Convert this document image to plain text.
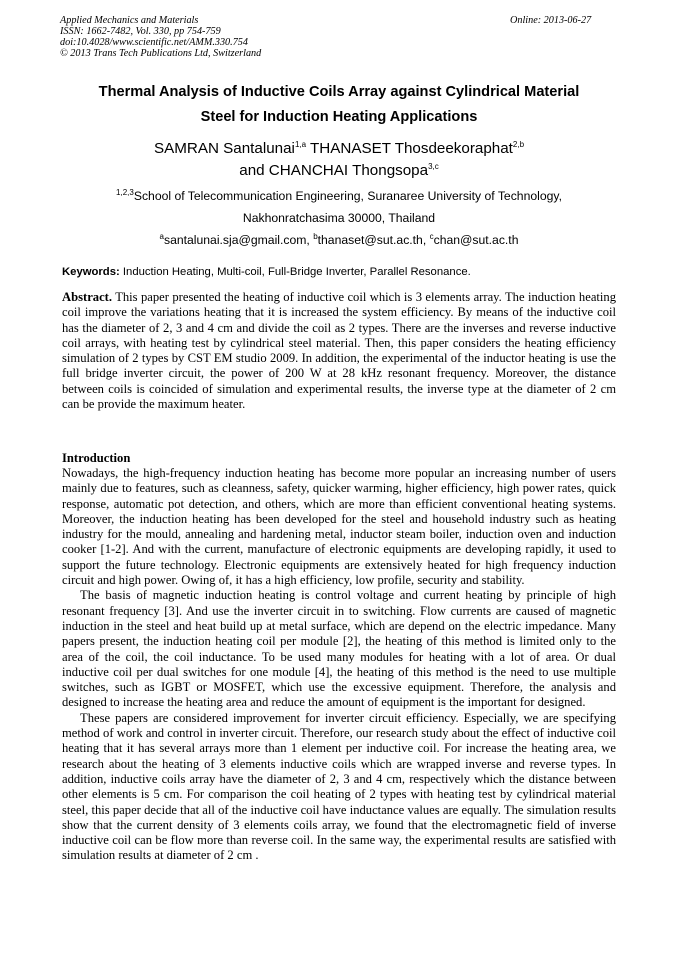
Applied Mechanics and Materials
ISSN: 1662-7482, Vol. 330, pp 754-759
doi:10.4028/www.scientific.net/AMM.330.754
© 2013 Trans Tech Publications Ltd, Switzerland
Online: 2013-06-27
Thermal Analysis of Inductive Coils Array against Cylindrical Material
Steel for Induction Heating Applications
SAMRAN Santalunai$^{1,a}$ THANASET Thosdeekoraphat$^{2,b}$
and CHANCHAI Thongsopa$^{3,c}$
$^{1,2,3}$School of Telecommunication Engineering, Suranaree University of Technology,
Nakhonratchasima 30000, Thailand
$^a$santalunai.sja@gmail.com, $^b$thanaset@sut.ac.th, $^c$chan@sut.ac.th
Keywords: Induction Heating, Multi-coil, Full-Bridge Inverter, Parallel Resonance.
Abstract. This paper presented the heating of inductive coil which is 3 elements array. The induction heating coil improve the variations heating that it is increased the system efficiency. By means of the inductive coil has the diameter of 2, 3 and 4 cm and divide the coil as 2 types. There are the inverses and reverse inductive coil arrays, with heating test by cylindrical steel material. Then, this paper considers the heating efficiency simulation of 2 types by CST EM studio 2009. In addition, the experimental of the inductor heating is use the full bridge inverter circuit, the power of 200 W at 28 kHz resonant frequency. Moreover, the distance between coils is coincided of simulation and experimental results, the inverse type at the diameter of 2 cm can be provide the maximum heater.
Introduction

Nowadays, the high-frequency induction heating has become more popular an increasing number of users mainly due to features, such as cleanness, safety, quicker warming, higher efficiency, high power rates, quick response, automatic pot detection, and others, which are more than efficient conventional heating systems. Moreover, the induction heating has been developed for the steel and household industry such as heating industry for the mould, annealing and hardening metal, inductor steam boiler, induction oven and induction cooker [1-2]. And with the current, manufacture of electronic equipments are developing rapidly, it used to support the future technology. Electronic equipments are extensively heated for high frequency induction circuit and high power. Owing of, it has a high efficiency, low profile, security and stability.

The basis of magnetic induction heating is control voltage and current heating by principle of high resonant frequency [3]. And use the inverter circuit in to switching. Flow currents are caused of magnetic induction in the steel and heat build up at metal surface, which are depend on the electric impedance. Many papers present, the induction heating coil per module [2], the heating of this method is limited only to the area of the coil, the coil inductance. To be used many modules for heating with a lot of area. Or dual inductive coil per dual switches for one module [4], the heating of this method is the need to use multiple switches, such as IGBT or MOSFET, which use the excessive equipment. Therefore, the analysis and designed to increase the heating area and reduce the amount of equipment is the important for designed.

These papers are considered improvement for inverter circuit efficiency. Especially, we are specifying method of work and control in inverter circuit. Therefore, our research study about the effect of inductive coil heating that it has several arrays more than 1 element per inductive coil. For increase the heating area, we research about the heating of 3 elements inductive coils which are wrapped inverse and reverse types. In addition, inductive coils array have the diameter of 2, 3 and 4 cm, respectively which the distance between other elements is 5 cm. For comparison the coil heating of 2 types with heating test by cylindrical material steel, this paper decide that all of the inductive coil have inductance values are equally. The simulation results show that the current density of 3 elements coils array, we found that the electromagnetic field of inverse inductive coil can be flow more than reverse coil. In the same way, the experimental results are satisfied with simulation results at diameter of 2 cm .
